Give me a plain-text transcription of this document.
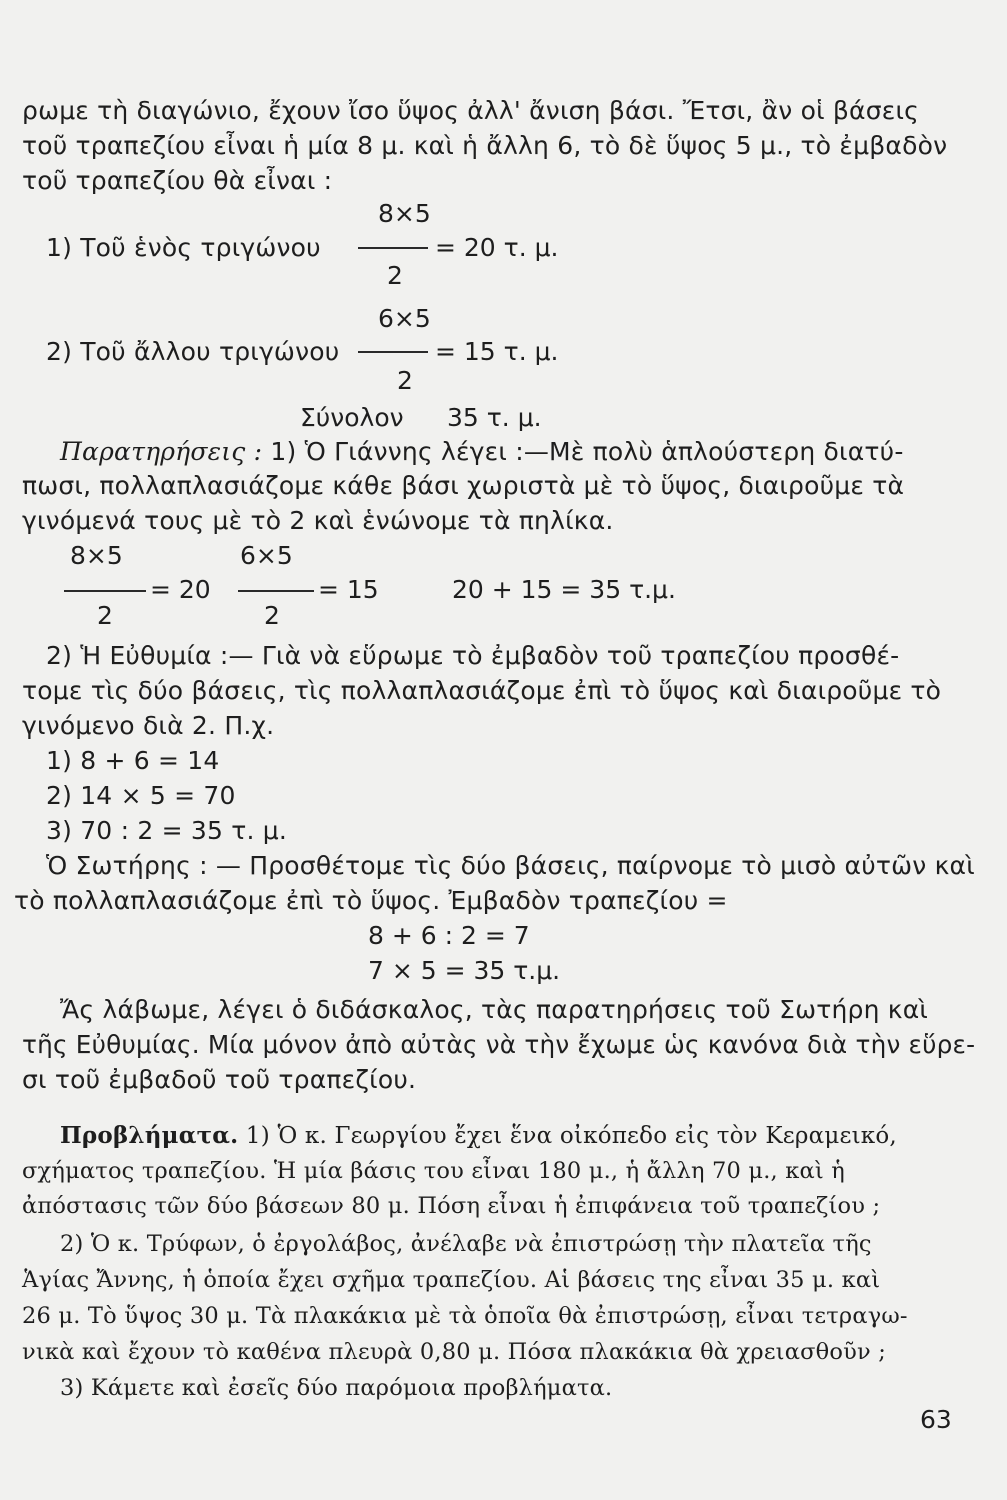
ρωμε τὴ διαγώνιο, ἔχουν ἴσο ὕψος ἀλλ' ἄνιση βάσι. Ἔτσι, ἂν οἱ βάσεις
τοῦ τραπεζίου εἶναι ἡ μία 8 μ. καὶ ἡ ἄλλη 6, τὸ δὲ ὕψος 5 μ., τὸ ἐμβαδὸν
τοῦ τραπεζίου θὰ εἶναι :
8×5
1) Τοῦ ἑνὸς τριγώνου	= 20 τ. μ.
2
6×5
2) Τοῦ ἄλλου τριγώνου	= 15 τ. μ.
2
Σύνολον 35 τ. μ.
Παρατηρήσεις : 1) Ὁ Γιάννης λέγει :—Μὲ πολὺ ἁπλούστερη διατύ-
πωσι, πολλαπλασιάζομε κάθε βάσι χωριστὰ μὲ τὸ ὕψος, διαιροῦμε τὰ
γινόμενά τους μὲ τὸ 2 καὶ ἑνώνομε τὰ πηλίκα.
8×5
= 20
2
6×5
= 15
2
20 + 15 = 35 τ.μ.
2) Ἡ Εὐθυμία :— Γιὰ νὰ εὕρωμε τὸ ἐμβαδὸν τοῦ τραπεζίου προσθέ-
τομε τὶς δύο βάσεις, τὶς πολλαπλασιάζομε ἐπὶ τὸ ὕψος καὶ διαιροῦμε τὸ
γινόμενο διὰ 2. Π.χ.
1) 8 + 6 = 14
2) 14 × 5 = 70
3) 70 : 2 = 35 τ. μ.
Ὁ Σωτήρης : — Προσθέτομε τὶς δύο βάσεις, παίρνομε τὸ μισὸ αὐτῶν καὶ
τὸ πολλαπλασιάζομε ἐπὶ τὸ ὕψος. Ἐμβαδὸν τραπεζίου =
8 + 6 : 2 = 7
7 × 5 = 35 τ.μ.
Ἄς λάβωμε, λέγει ὁ διδάσκαλος, τὰς παρατηρήσεις τοῦ Σωτήρη καὶ
τῆς Εὐθυμίας. Μία μόνον ἀπὸ αὐτὰς νὰ τὴν ἔχωμε ὡς κανόνα διὰ τὴν εὕρε-
σι τοῦ ἐμβαδοῦ τοῦ τραπεζίου.
Προβλήματα. 1) Ὁ κ. Γεωργίου ἔχει ἕνα οἰκόπεδο εἰς τὸν Κεραμεικό,
σχήματος τραπεζίου. Ἡ μία βάσις του εἶναι 180 μ., ἡ ἄλλη 70 μ., καὶ ἡ
ἀπόστασις τῶν δύο βάσεων 80 μ. Πόση εἶναι ἡ ἐπιφάνεια τοῦ τραπεζίου ;
2) Ὁ κ. Τρύφων, ὁ ἐργολάβος, ἀνέλαβε νὰ ἐπιστρώσῃ τὴν πλατεῖα τῆς
Ἁγίας Ἄννης, ἡ ὁποία ἔχει σχῆμα τραπεζίου. Αἱ βάσεις της εἶναι 35 μ. καὶ
26 μ. Τὸ ὕψος 30 μ. Τὰ πλακάκια μὲ τὰ ὁποῖα θὰ ἐπιστρώσῃ, εἶναι τετραγω-
νικὰ καὶ ἔχουν τὸ καθένα πλευρὰ 0,80 μ. Πόσα πλακάκια θὰ χρειασθοῦν ;
3) Κάμετε καὶ ἐσεῖς δύο παρόμοια προβλήματα.
63
